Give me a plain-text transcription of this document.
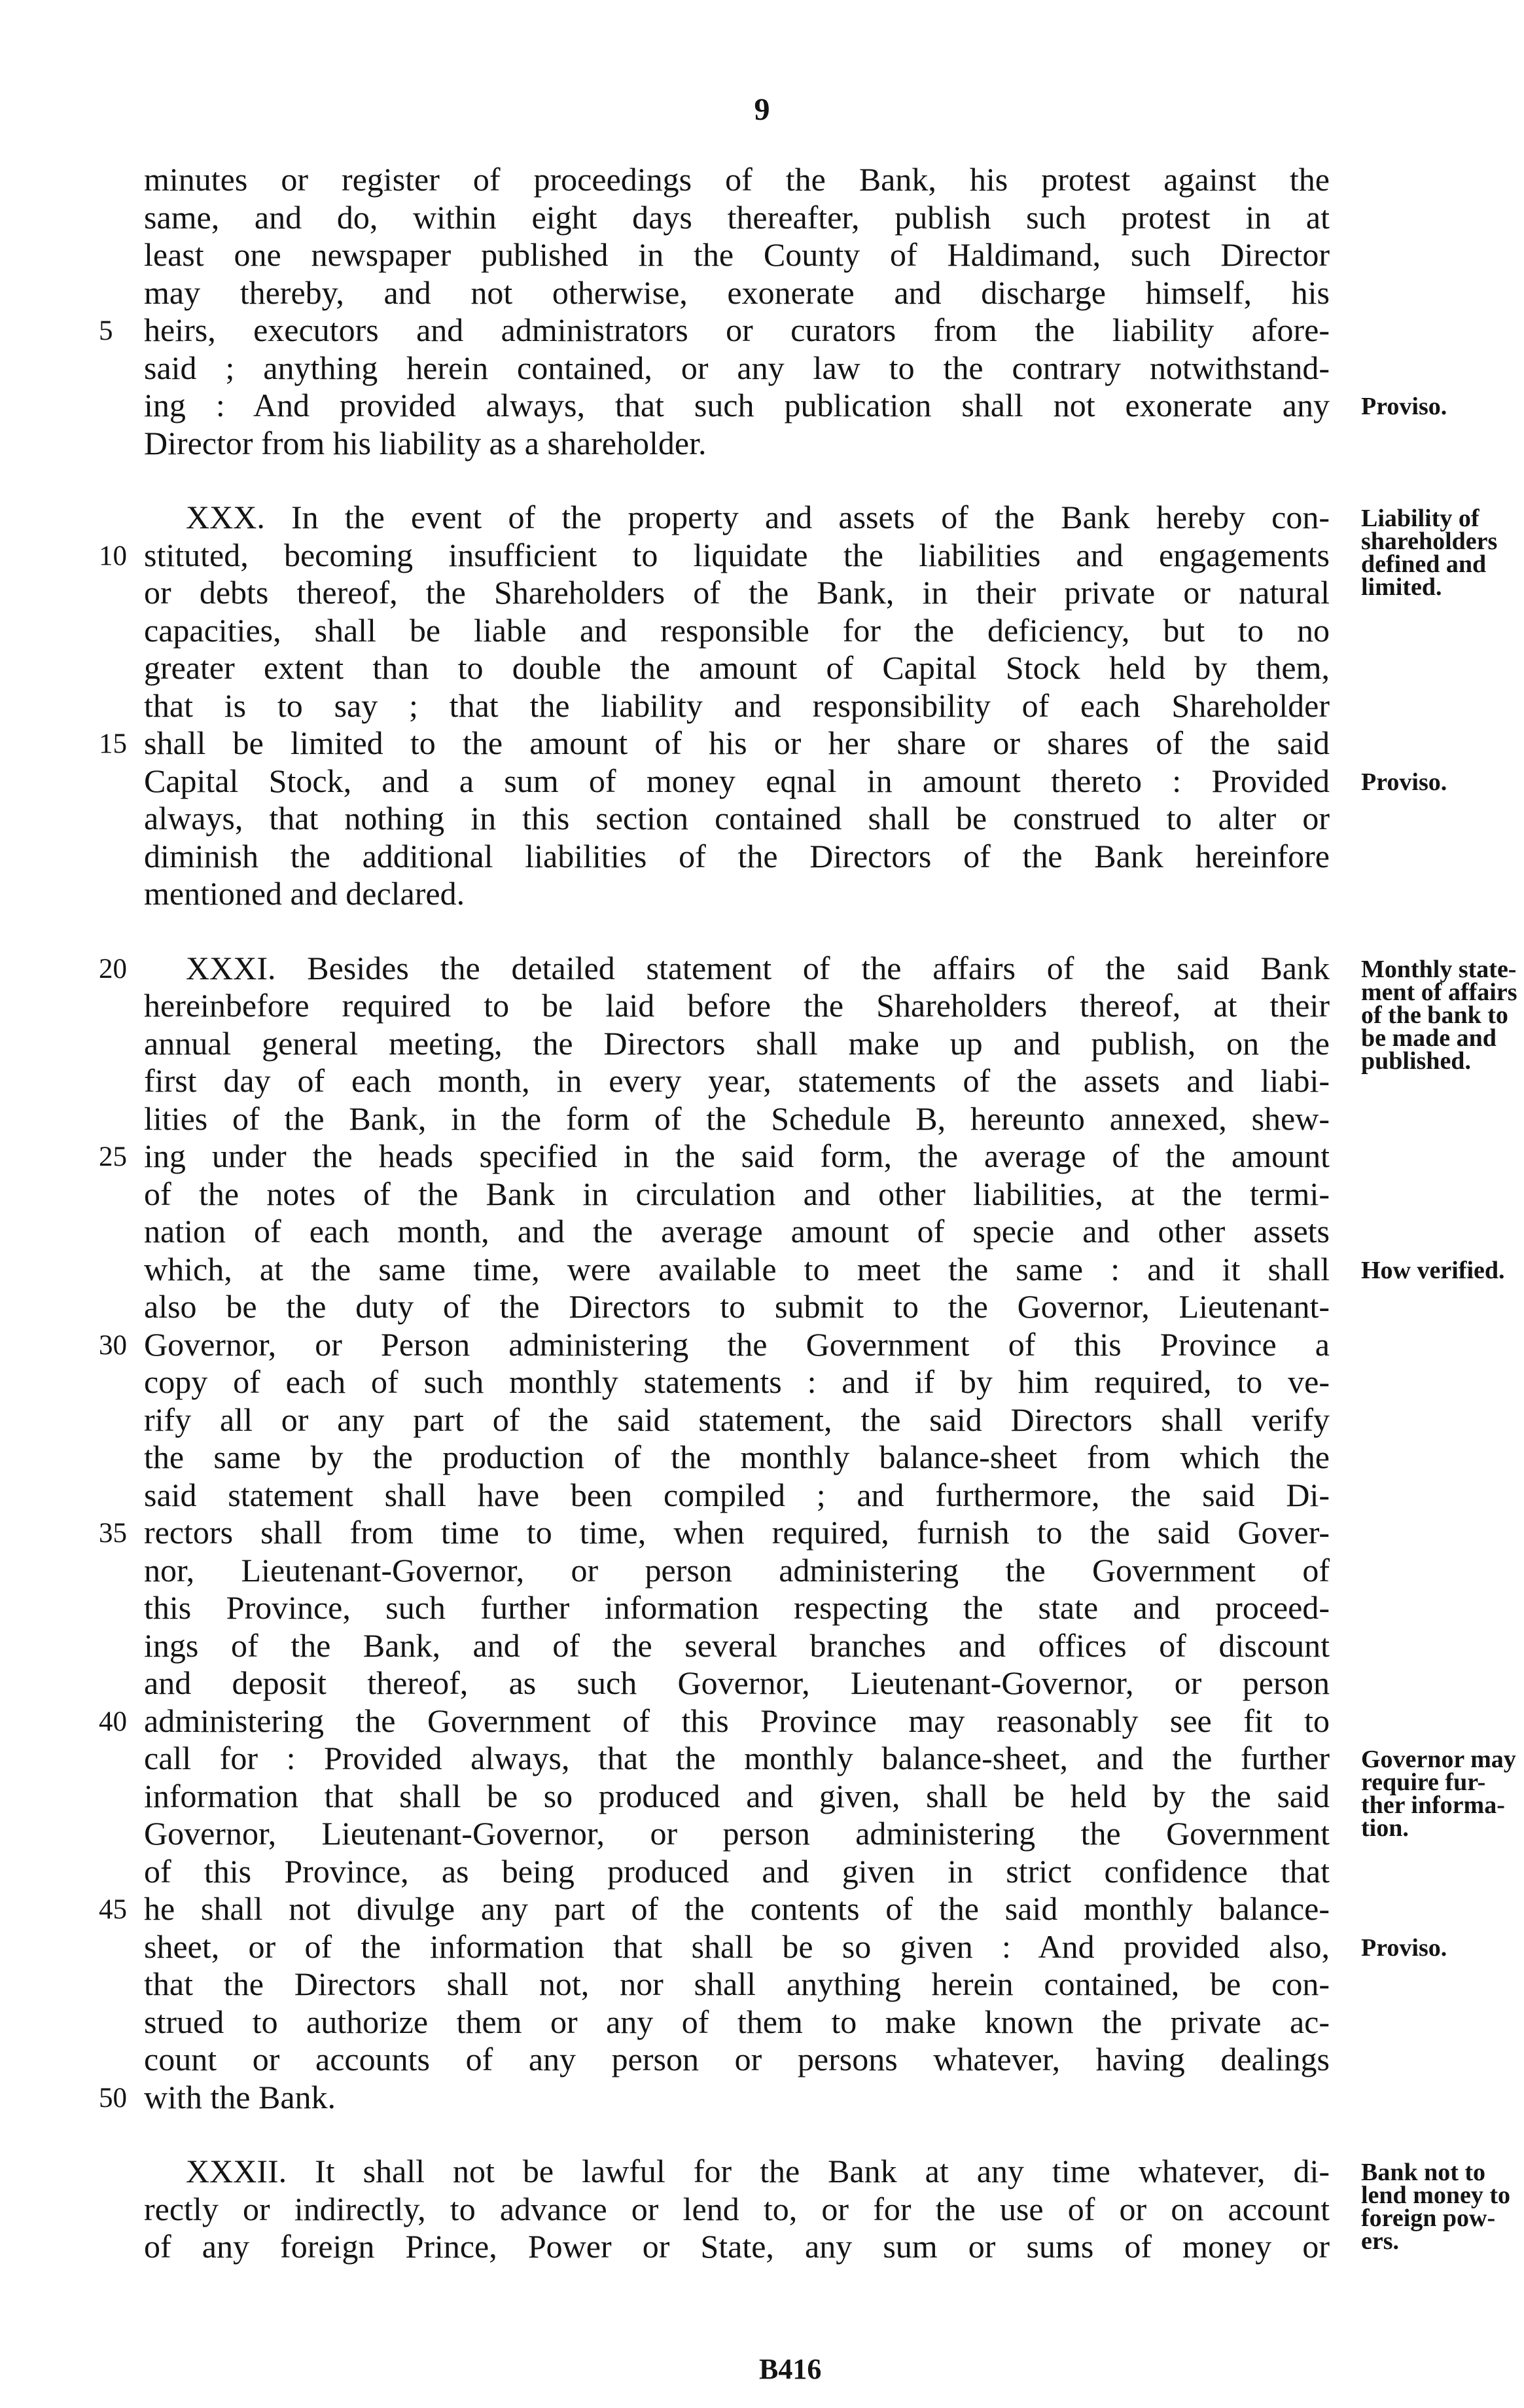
9
minutes or register of proceedings of the Bank, his protest against the
same, and do, within eight days thereafter, publish such protest in at
least one newspaper published in the County of Haldimand, such Director
may thereby, and not otherwise, exonerate and discharge himself, his
5 heirs, executors and administrators or curators from the liability afore-
said ; anything herein contained, or any law to the contrary notwithstand-
ing : And provided always, that such publication shall not exonerate any
Director from his liability as a shareholder.
XXX. In the event of the property and assets of the Bank hereby con-
10 stituted, becoming insufficient to liquidate the liabilities and engagements
or debts thereof, the Shareholders of the Bank, in their private or natural
capacities, shall be liable and responsible for the deficiency, but to no
greater extent than to double the amount of Capital Stock held by them,
that is to say ; that the liability and responsibility of each Shareholder
15 shall be limited to the amount of his or her share or shares of the said
Capital Stock, and a sum of money eqnal in amount thereto : Provided
always, that nothing in this section contained shall be construed to alter or
diminish the additional liabilities of the Directors of the Bank hereinfore
mentioned and declared.
20 XXXI. Besides the detailed statement of the affairs of the said Bank
hereinbefore required to be laid before the Shareholders thereof, at their
annual general meeting, the Directors shall make up and publish, on the
first day of each month, in every year, statements of the assets and liabi-
lities of the Bank, in the form of the Schedule B, hereunto annexed, shew-
25 ing under the heads specified in the said form, the average of the amount
of the notes of the Bank in circulation and other liabilities, at the termi-
nation of each month, and the average amount of specie and other assets
which, at the same time, were available to meet the same : and it shall
also be the duty of the Directors to submit to the Governor, Lieutenant-
30 Governor, or Person administering the Government of this Province a
copy of each of such monthly statements : and if by him required, to ve-
rify all or any part of the said statement, the said Directors shall verify
the same by the production of the monthly balance-sheet from which the
said statement shall have been compiled ; and furthermore, the said Di-
35 rectors shall from time to time, when required, furnish to the said Gover-
nor, Lieutenant-Governor, or person administering the Government of
this Province, such further information respecting the state and proceed-
ings of the Bank, and of the several branches and offices of discount
and deposit thereof, as such Governor, Lieutenant-Governor, or person
40 administering the Government of this Province may reasonably see fit to
call for : Provided always, that the monthly balance-sheet, and the further
information that shall be so produced and given, shall be held by the said
Governor, Lieutenant-Governor, or person administering the Government
of this Province, as being produced and given in strict confidence that
45 he shall not divulge any part of the contents of the said monthly balance-
sheet, or of the information that shall be so given : And provided also,
that the Directors shall not, nor shall anything herein contained, be con-
strued to authorize them or any of them to make known the private ac-
count or accounts of any person or persons whatever, having dealings
50 with the Bank.
XXXII. It shall not be lawful for the Bank at any time whatever, di-
rectly or indirectly, to advance or lend to, or for the use of or on account
of any foreign Prince, Power or State, any sum or sums of money or
Proviso.
Liability of
shareholders
defined and
limited.
Proviso.
Monthly state-
ment of affairs
of the bank to
be made and
published.
How verified.
Governor may
require fur-
ther informa-
tion.
Proviso.
Bank not to
lend money to
foreign pow-
ers.
B416
